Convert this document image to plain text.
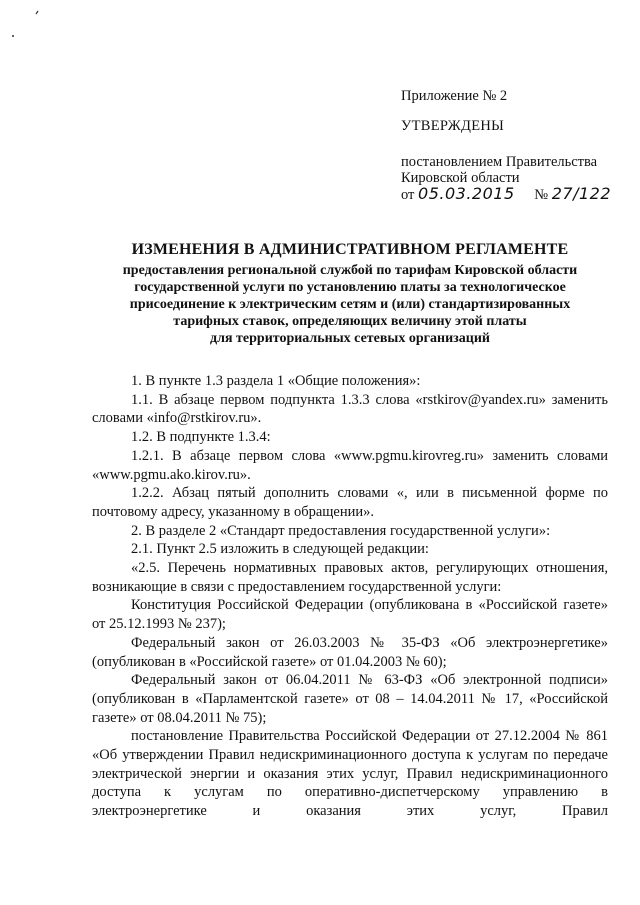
Приложение № 2

УТВЕРЖДЕНЫ

постановлением Правительства

Кировской области

от 05.03.2015 № 27/122

ИЗМЕНЕНИЯ В АДМИНИСТРАТИВНОМ РЕГЛАМЕНТЕ

предоставления региональной службой по тарифам Кировской области

государственной услуги по установлению платы за технологическое

присоединение к электрическим сетям и (или) стандартизированных

тарифных ставок, определяющих величину этой платы

для территориальных сетевых организаций

1. В пункте 1.3 раздела 1 «Общие положения»:

1.1. В абзаце первом подпункта 1.3.3 слова «rstkirov@yandex.ru» заменить словами «info@rstkirov.ru».

1.2. В подпункте 1.3.4:

1.2.1. В абзаце первом слова «www.pgmu.kirovreg.ru» заменить словами «www.pgmu.ako.kirov.ru».

1.2.2. Абзац пятый дополнить словами «, или в письменной форме по почтовому адресу, указанному в обращении».

2. В разделе 2 «Стандарт предоставления государственной услуги»:

2.1. Пункт 2.5 изложить в следующей редакции:

«2.5. Перечень нормативных правовых актов, регулирующих отношения, возникающие в связи с предоставлением государственной услуги:

Конституция Российской Федерации (опубликована в «Российской газете» от 25.12.1993 № 237);

Федеральный закон от 26.03.2003 № 35-ФЗ «Об электроэнергетике» (опубликован в «Российской газете» от 01.04.2003 № 60);

Федеральный закон от 06.04.2011 № 63-ФЗ «Об электронной подписи» (опубликован в «Парламентской газете» от 08 – 14.04.2011 № 17, «Российской газете» от 08.04.2011 № 75);

постановление Правительства Российской Федерации от 27.12.2004 № 861 «Об утверждении Правил недискриминационного доступа к услугам по передаче электрической энергии и оказания этих услуг, Правил недискриминационного доступа к услугам по оперативно-диспетчерскому управлению в электроэнергетике и оказания этих услуг, Правил
